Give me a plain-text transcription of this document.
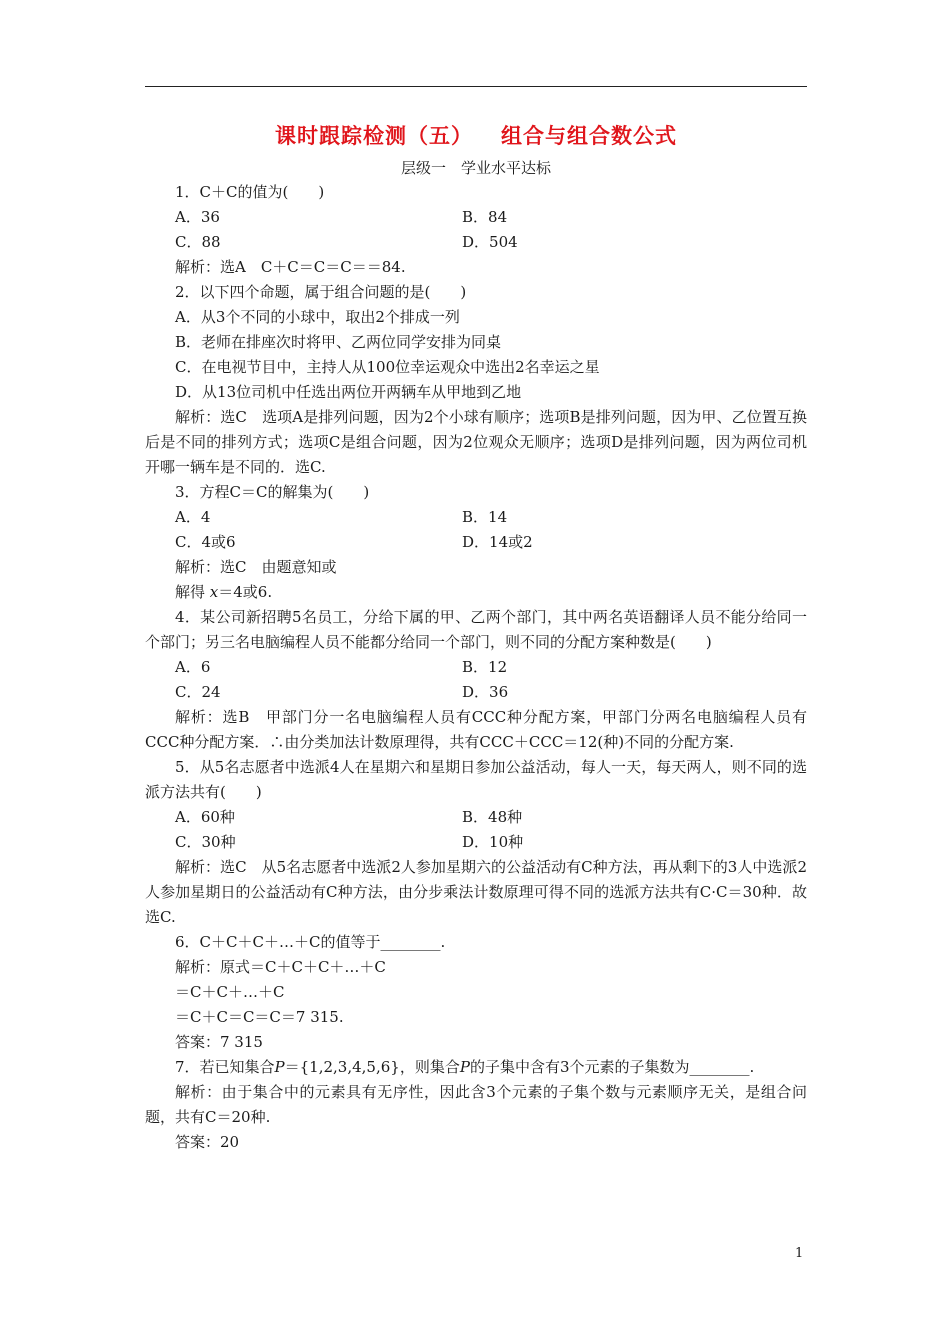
课时跟踪检测（五） 组合与组合数公式
层级一　学业水平达标

1．C＋C的值为(　　)

A．36	B．84
C．88	D．504

解析：选A　C＋C＝C＝C＝＝84.

2．以下四个命题，属于组合问题的是(　　)

A．从3个不同的小球中，取出2个排成一列

B．老师在排座次时将甲、乙两位同学安排为同桌

C．在电视节目中，主持人从100位幸运观众中选出2名幸运之星

D．从13位司机中任选出两位开两辆车从甲地到乙地

解析：选C　选项A是排列问题，因为2个小球有顺序；选项B是排列问题，因为甲、乙位置互换后是不同的排列方式；选项C是组合问题，因为2位观众无顺序；选项D是排列问题，因为两位司机开哪一辆车是不同的．选C.

3．方程C＝C的解集为(　　)

A．4	B．14
C．4或6	D．14或2

解析：选C　由题意知或

解得 x＝4或6.

4．某公司新招聘5名员工，分给下属的甲、乙两个部门，其中两名英语翻译人员不能分给同一个部门；另三名电脑编程人员不能都分给同一个部门，则不同的分配方案种数是(　　)

A．6	B．12
C．24	D．36

解析：选B　甲部门分一名电脑编程人员有CCC种分配方案，甲部门分两名电脑编程人员有CCC种分配方案．∴由分类加法计数原理得，共有CCC＋CCC＝12(种)不同的分配方案.

5．从5名志愿者中选派4人在星期六和星期日参加公益活动，每人一天，每天两人，则不同的选派方法共有(　　)

A．60种	B．48种
C．30种	D．10种

解析：选C　从5名志愿者中选派2人参加星期六的公益活动有C种方法，再从剩下的3人中选派2人参加星期日的公益活动有C种方法，由分步乘法计数原理可得不同的选派方法共有C·C＝30种．故选C.

6．C＋C＋C＋…＋C的值等于________.

解析：原式＝C＋C＋C＋…＋C

＝C＋C＋…＋C

＝C＋C＝C＝C＝7 315.

答案：7 315

7．若已知集合P＝{1,2,3,4,5,6}，则集合P的子集中含有3个元素的子集数为________.

解析：由于集合中的元素具有无序性，因此含3个元素的子集个数与元素顺序无关，是组合问题，共有C＝20种.

答案：20

1
